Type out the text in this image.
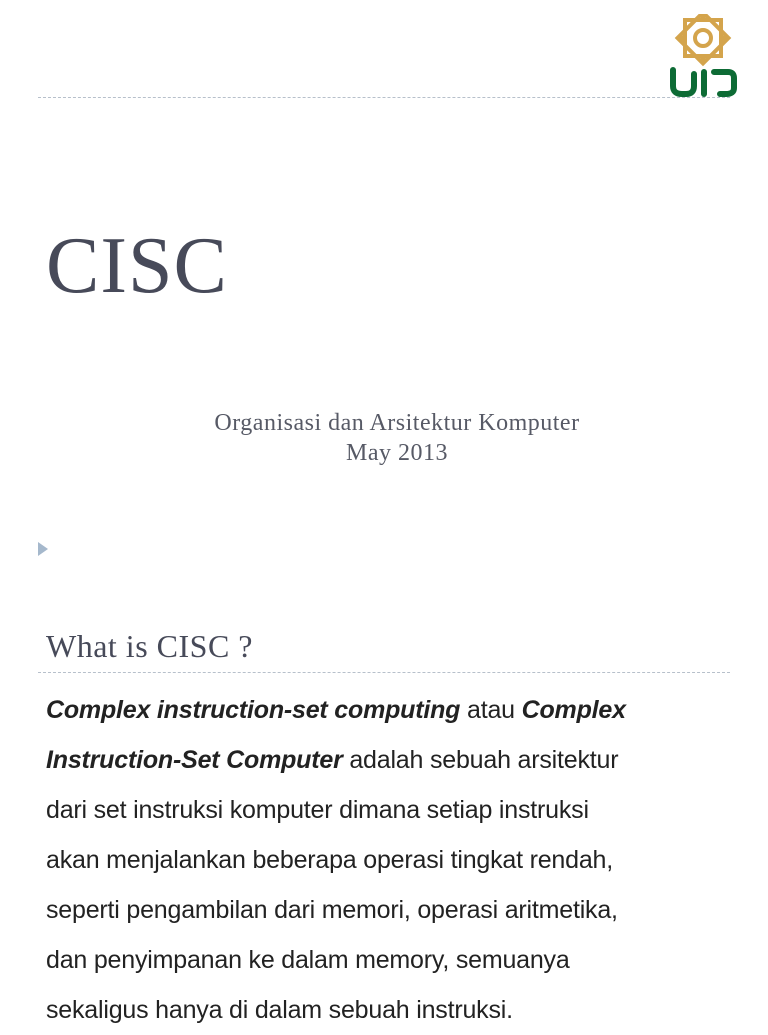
CISC
Organisasi dan Arsitektur Komputer
May 2013
What is CISC ?

Complex instruction-set computing atau Complex
Instruction-Set Computer adalah sebuah arsitektur
dari set instruksi komputer dimana setiap instruksi
akan menjalankan beberapa operasi tingkat rendah,
seperti pengambilan dari memori, operasi aritmetika,
dan penyimpanan ke dalam memory, semuanya
sekaligus hanya di dalam sebuah instruksi.
